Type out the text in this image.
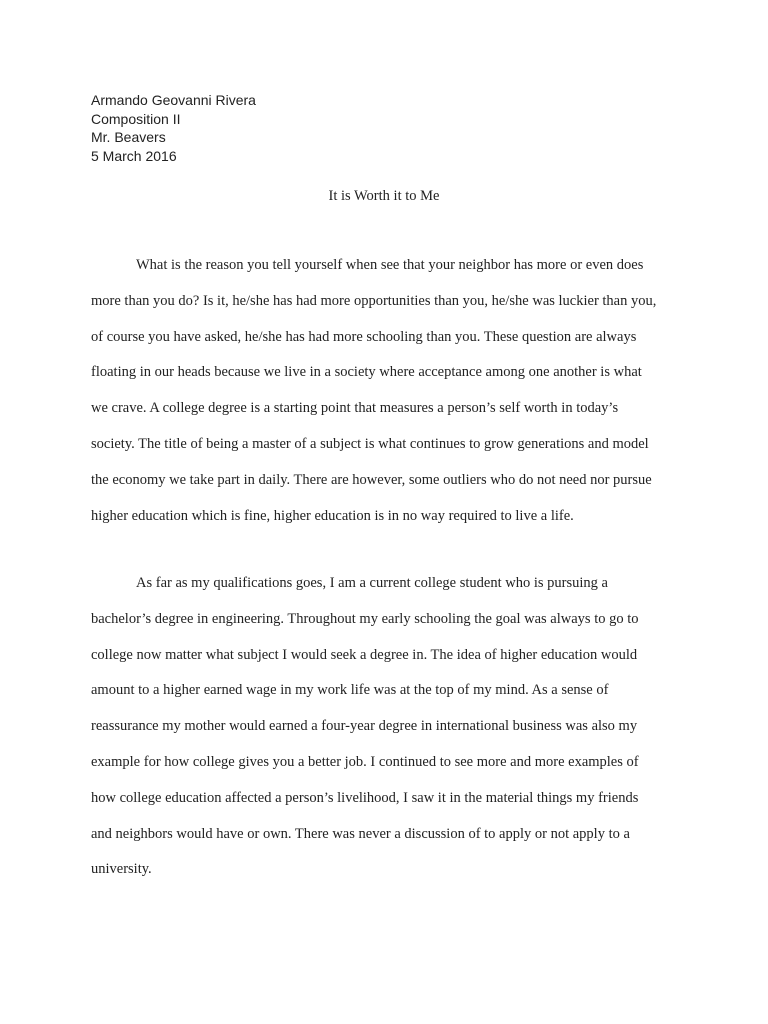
Armando Geovanni Rivera
Composition II
Mr. Beavers
5 March 2016
It is Worth it to Me
What is the reason you tell yourself when see that your neighbor has more or even does
more than you do? Is it, he/she has had more opportunities than you, he/she was luckier than you,
of course you have asked, he/she has had more schooling than you. These question are always
floating in our heads because we live in a society where acceptance among one another is what
we crave. A college degree is a starting point that measures a person’s self worth in today’s
society. The title of being a master of a subject is what continues to grow generations and model
the economy we take part in daily. There are however, some outliers who do not need nor pursue
higher education which is fine, higher education is in no way required to live a life.
As far as my qualifications goes, I am a current college student who is pursuing a
bachelor’s degree in engineering. Throughout my early schooling the goal was always to go to
college now matter what subject I would seek a degree in. The idea of higher education would
amount to a higher earned wage in my work life was at the top of my mind. As a sense of
reassurance my mother would earned a four-year degree in international business was also my
example for how college gives you a better job. I continued to see more and more examples of
how college education affected a person’s livelihood, I saw it in the material things my friends
and neighbors would have or own. There was never a discussion of to apply or not apply to a
university.
